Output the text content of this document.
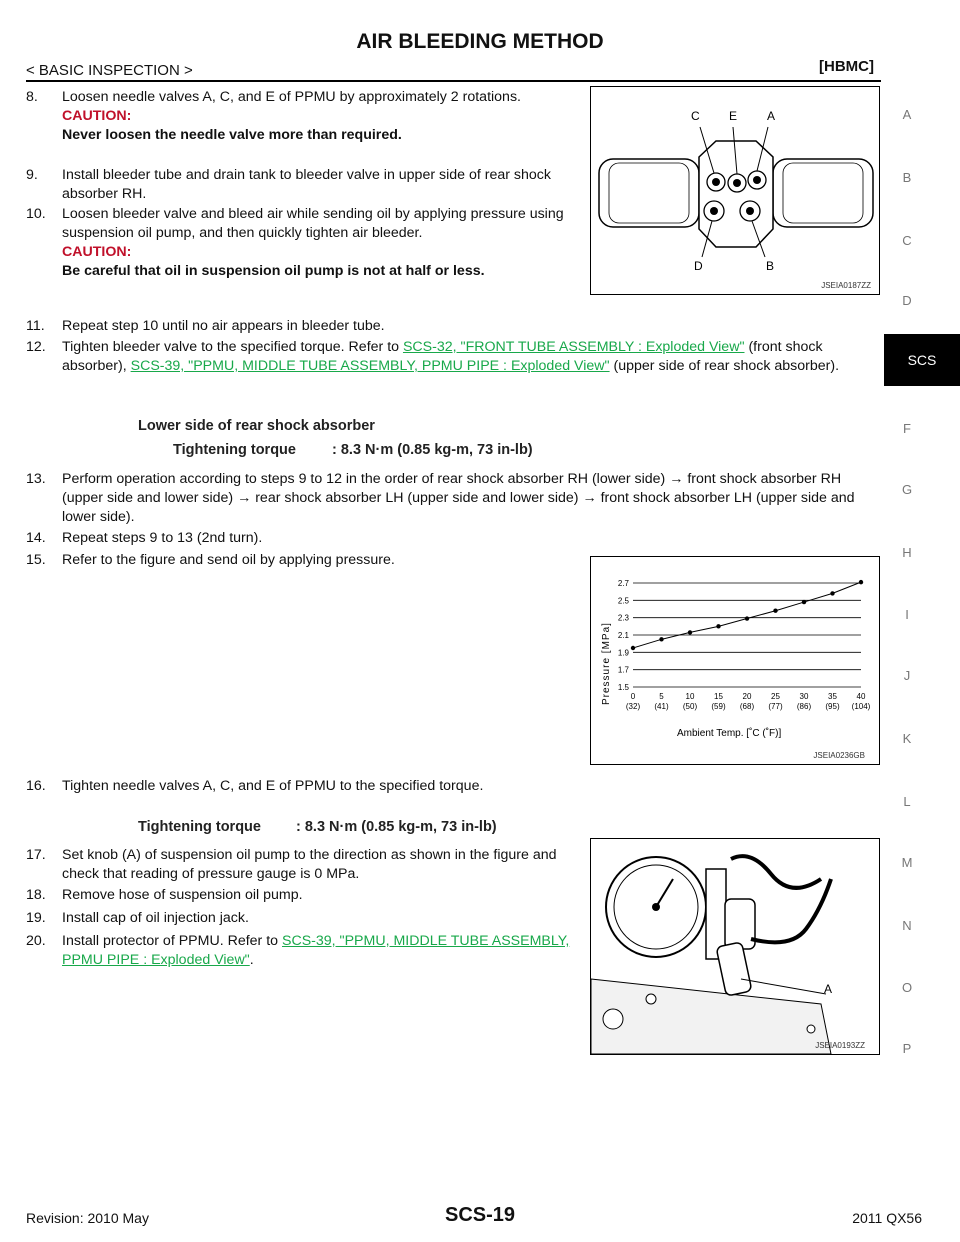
AIR BLEEDING METHOD
< BASIC INSPECTION >	[HBMC]
A
B
C
D
SCS
F
G
H
I
J
K
L
M
N
O
P
8.	Loosen needle valves A, C, and E of PPMU by approximately 2 rotations.
CAUTION:
Never loosen the needle valve more than required.
9.	Install bleeder tube and drain tank to bleeder valve in upper side of rear shock absorber RH.
10.	Loosen bleeder valve and bleed air while sending oil by applying pressure using suspension oil pump, and then quickly tighten air bleeder.
CAUTION:
Be careful that oil in suspension oil pump is not at half or less.
C E A
D	B
JSEIA0187ZZ
11.	Repeat step 10 until no air appears in bleeder tube.
12.	Tighten bleeder valve to the specified torque. Refer to SCS-32, "FRONT TUBE ASSEMBLY : Exploded View" (front shock absorber), SCS-39, "PPMU, MIDDLE TUBE ASSEMBLY, PPMU PIPE : Exploded View" (upper side of rear shock absorber).
Lower side of rear shock absorber
Tightening torque : 8.3 N·m (0.85 kg-m, 73 in-lb)
13.	Perform operation according to steps 9 to 12 in the order of rear shock absorber RH (lower side) → front shock absorber RH (upper side and lower side) → rear shock absorber LH (upper side and lower side) → front shock absorber LH (upper side and lower side).
14.	Repeat steps 9 to 13 (2nd turn).
15.	Refer to the figure and send oil by applying pressure.
Pressure [MPa]
Ambient Temp. [˚C (˚F)]
2.7
2.5
2.3
2.1
1.9
1.7
1.5
0
(32)
5
(41)
10
(50)
15
(59)
20
(68)
25
(77)
30
(86)
35
(95)
40
(104)
JSEIA0236GB
16.	Tighten needle valves A, C, and E of PPMU to the specified torque.
Tightening torque : 8.3 N·m (0.85 kg-m, 73 in-lb)
17.	Set knob (A) of suspension oil pump to the direction as shown in the figure and check that reading of pressure gauge is 0 MPa.
18.	Remove hose of suspension oil pump.
19.	Install cap of oil injection jack.
20.	Install protector of PPMU. Refer to SCS-39, "PPMU, MIDDLE TUBE ASSEMBLY, PPMU PIPE : Exploded View".
A
JSEIA0193ZZ
Revision: 2010 May	SCS-19	2011 QX56
